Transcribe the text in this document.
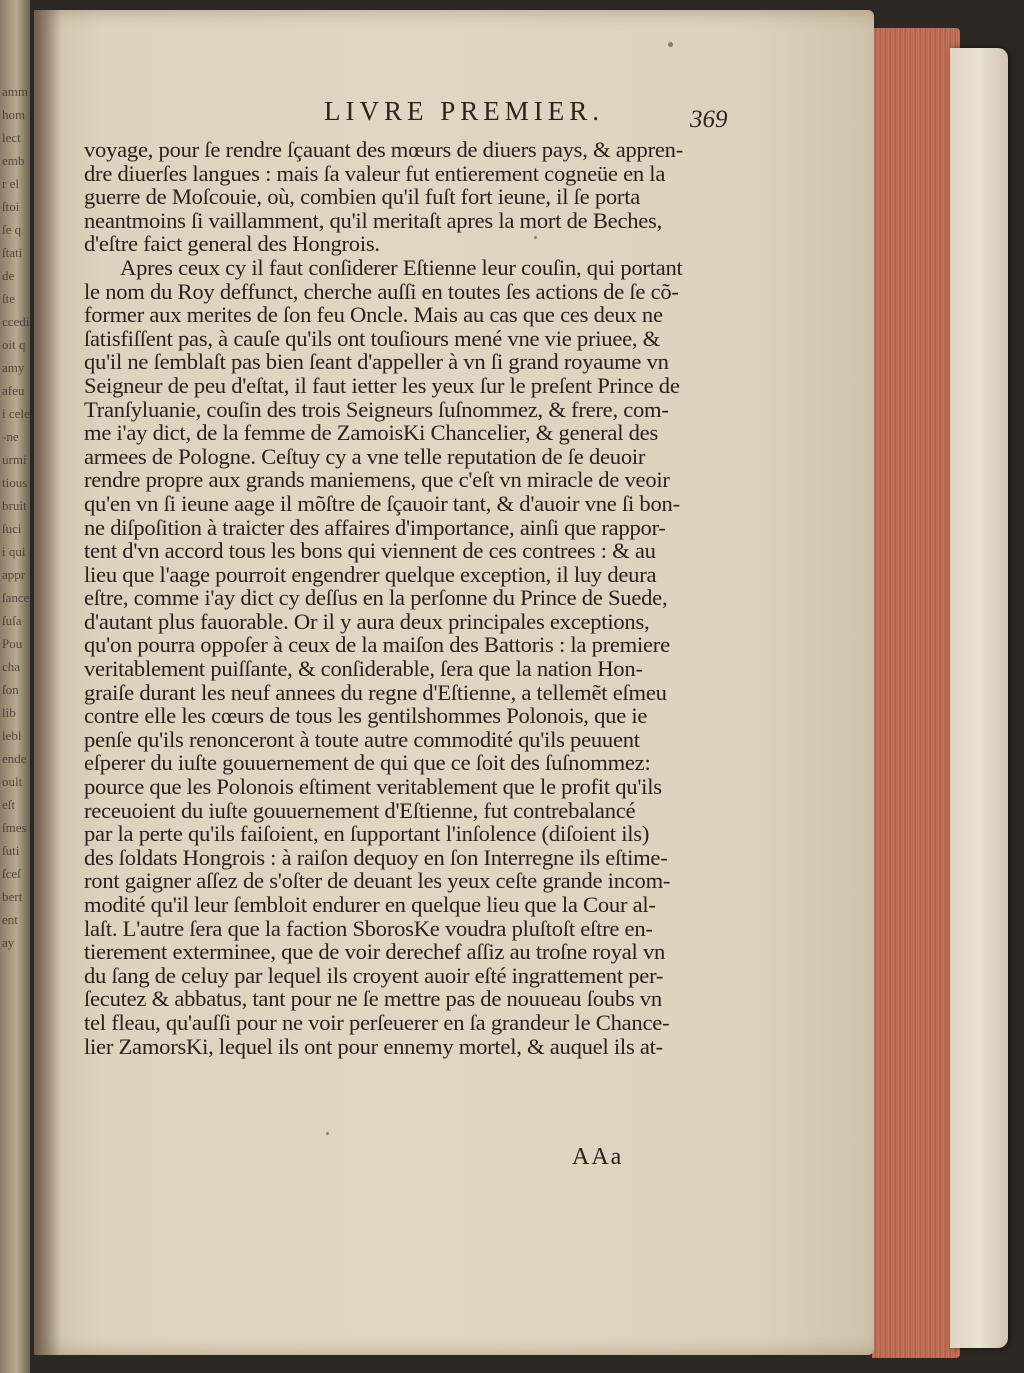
amm
hom
lect
emb
r el
ſtoi
ſe q
ſtati
de
ſte
ccedi
oit q
amy
afeu
i cele
-ne
urmi
tious
bruit
ſuci
i qui
appr
ſance
ſuſa
Pou
cha
ſon
lib
lebl
ende
oult
eſt
ſmes
ſuti
ſceſ
bert
ent
ay
LIVRE PREMIER.	369
voyage, pour ſe rendre ſçauant des mœurs de diuers pays, & appren-
dre diuerſes langues : mais ſa valeur fut entierement cogneüe en la
guerre de Moſcouie, où, combien qu'il fuſt fort ieune, il ſe porta
neantmoins ſi vaillamment, qu'il meritaſt apres la mort de Beches,
d'eſtre faict general des Hongrois.
Apres ceux cy il faut conſiderer Eſtienne leur couſin, qui portant
le nom du Roy deffunct, cherche auſſi en toutes ſes actions de ſe cõ-
former aux merites de ſon feu Oncle. Mais au cas que ces deux ne
ſatisfiſſent pas, à cauſe qu'ils ont touſiours mené vne vie priuee, &
qu'il ne ſemblaſt pas bien ſeant d'appeller à vn ſi grand royaume vn
Seigneur de peu d'eſtat, il faut ietter les yeux ſur le preſent Prince de
Tranſyluanie, couſin des trois Seigneurs ſuſnommez, & frere, com-
me i'ay dict, de la femme de ZamoisKi Chancelier, & general des
armees de Pologne. Ceſtuy cy a vne telle reputation de ſe deuoir
rendre propre aux grands maniemens, que c'eſt vn miracle de veoir
qu'en vn ſi ieune aage il mõſtre de ſçauoir tant, & d'auoir vne ſi bon-
ne diſpoſition à traicter des affaires d'importance, ainſi que rappor-
tent d'vn accord tous les bons qui viennent de ces contrees : & au
lieu que l'aage pourroit engendrer quelque exception, il luy deura
eſtre, comme i'ay dict cy deſſus en la perſonne du Prince de Suede,
d'autant plus fauorable. Or il y aura deux principales exceptions,
qu'on pourra oppoſer à ceux de la maiſon des Battoris : la premiere
veritablement puiſſante, & conſiderable, ſera que la nation Hon-
graiſe durant les neuf annees du regne d'Eſtienne, a tellemẽt eſmeu
contre elle les cœurs de tous les gentilshommes Polonois, que ie
penſe qu'ils renonceront à toute autre commodité qu'ils peuuent
eſperer du iuſte gouuernement de qui que ce ſoit des ſuſnommez:
pource que les Polonois eſtiment veritablement que le profit qu'ils
receuoient du iuſte gouuernement d'Eſtienne, fut contrebalancé
par la perte qu'ils faiſoient, en ſupportant l'inſolence (diſoient ils)
des ſoldats Hongrois : à raiſon dequoy en ſon Interregne ils eſtime-
ront gaigner aſſez de s'oſter de deuant les yeux ceſte grande incom-
modité qu'il leur ſembloit endurer en quelque lieu que la Cour al-
laſt. L'autre ſera que la faction SborosKe voudra pluſtoſt eſtre en-
tierement exterminee, que de voir derechef aſſiz au troſne royal vn
du ſang de celuy par lequel ils croyent auoir eſté ingrattement per-
ſecutez & abbatus, tant pour ne ſe mettre pas de nouueau ſoubs vn
tel fleau, qu'auſſi pour ne voir perſeuerer en ſa grandeur le Chance-
lier ZamorsKi, lequel ils ont pour ennemy mortel, & auquel ils at-
AAa
